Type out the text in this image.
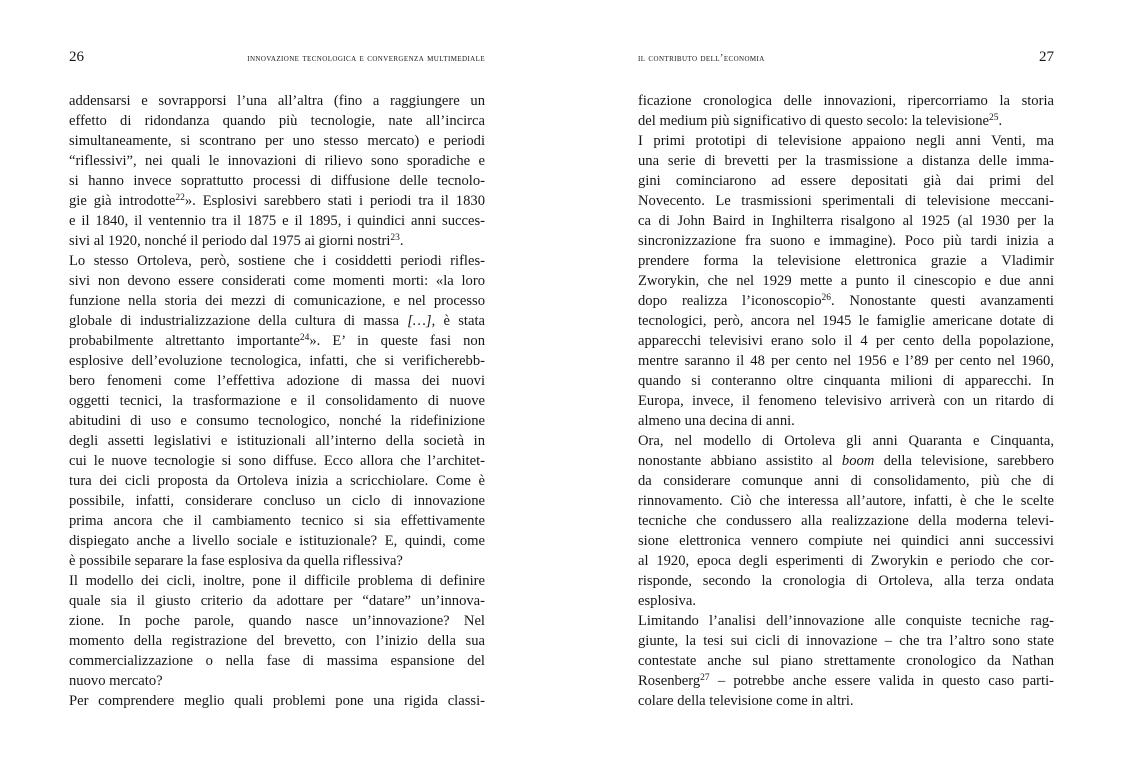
26	innovazione tecnologica e convergenza multimediale
addensarsi e sovrapporsi l’una all’altra (fino a raggiungere un
effetto di ridondanza quando più tecnologie, nate all’incirca
simultaneamente, si scontrano per uno stesso mercato) e periodi
“riflessivi”, nei quali le innovazioni di rilievo sono sporadiche e
si hanno invece soprattutto processi di diffusione delle tecnolo-
gie già introdotte$^{22}$». Esplosivi sarebbero stati i periodi tra il 1830
e il 1840, il ventennio tra il 1875 e il 1895, i quindici anni succes-
sivi al 1920, nonché il periodo dal 1975 ai giorni nostri$^{23}$.
Lo stesso Ortoleva, però, sostiene che i cosiddetti periodi rifles-
sivi non devono essere considerati come momenti morti: «la loro
funzione nella storia dei mezzi di comunicazione, e nel processo
globale di industrializzazione della cultura di massa […], è stata
probabilmente altrettanto importante$^{24}$». E’ in queste fasi non
esplosive dell’evoluzione tecnologica, infatti, che si verificherebb-
bero fenomeni come l’effettiva adozione di massa dei nuovi
oggetti tecnici, la trasformazione e il consolidamento di nuove
abitudini di uso e consumo tecnologico, nonché la ridefinizione
degli assetti legislativi e istituzionali all’interno della società in
cui le nuove tecnologie si sono diffuse. Ecco allora che l’architet-
tura dei cicli proposta da Ortoleva inizia a scricchiolare. Come è
possibile, infatti, considerare concluso un ciclo di innovazione
prima ancora che il cambiamento tecnico si sia effettivamente
dispiegato anche a livello sociale e istituzionale? E, quindi, come
è possibile separare la fase esplosiva da quella riflessiva?
Il modello dei cicli, inoltre, pone il difficile problema di definire
quale sia il giusto criterio da adottare per “datare” un’innova-
zione. In poche parole, quando nasce un’innovazione? Nel
momento della registrazione del brevetto, con l’inizio della sua
commercializzazione o nella fase di massima espansione del
nuovo mercato?
Per comprendere meglio quali problemi pone una rigida classi-
il contributo dell’economia	27
ficazione cronologica delle innovazioni, ripercorriamo la storia
del medium più significativo di questo secolo: la televisione$^{25}$.
I primi prototipi di televisione appaiono negli anni Venti, ma
una serie di brevetti per la trasmissione a distanza delle imma-
gini cominciarono ad essere depositati già dai primi del
Novecento. Le trasmissioni sperimentali di televisione meccani-
ca di John Baird in Inghilterra risalgono al 1925 (al 1930 per la
sincronizzazione fra suono e immagine). Poco più tardi inizia a
prendere forma la televisione elettronica grazie a Vladimir
Zworykin, che nel 1929 mette a punto il cinescopio e due anni
dopo realizza l’iconoscopio$^{26}$. Nonostante questi avanzamenti
tecnologici, però, ancora nel 1945 le famiglie americane dotate di
apparecchi televisivi erano solo il 4 per cento della popolazione,
mentre saranno il 48 per cento nel 1956 e l’89 per cento nel 1960,
quando si conteranno oltre cinquanta milioni di apparecchi. In
Europa, invece, il fenomeno televisivo arriverà con un ritardo di
almeno una decina di anni.
Ora, nel modello di Ortoleva gli anni Quaranta e Cinquanta,
nonostante abbiano assistito al boom della televisione, sarebbero
da considerare comunque anni di consolidamento, più che di
rinnovamento. Ciò che interessa all’autore, infatti, è che le scelte
tecniche che condussero alla realizzazione della moderna televi-
sione elettronica vennero compiute nei quindici anni successivi
al 1920, epoca degli esperimenti di Zworykin e periodo che cor-
risponde, secondo la cronologia di Ortoleva, alla terza ondata
esplosiva.
Limitando l’analisi dell’innovazione alle conquiste tecniche rag-
giunte, la tesi sui cicli di innovazione – che tra l’altro sono state
contestate anche sul piano strettamente cronologico da Nathan
Rosenberg$^{27}$ – potrebbe anche essere valida in questo caso parti-
colare della televisione come in altri.
